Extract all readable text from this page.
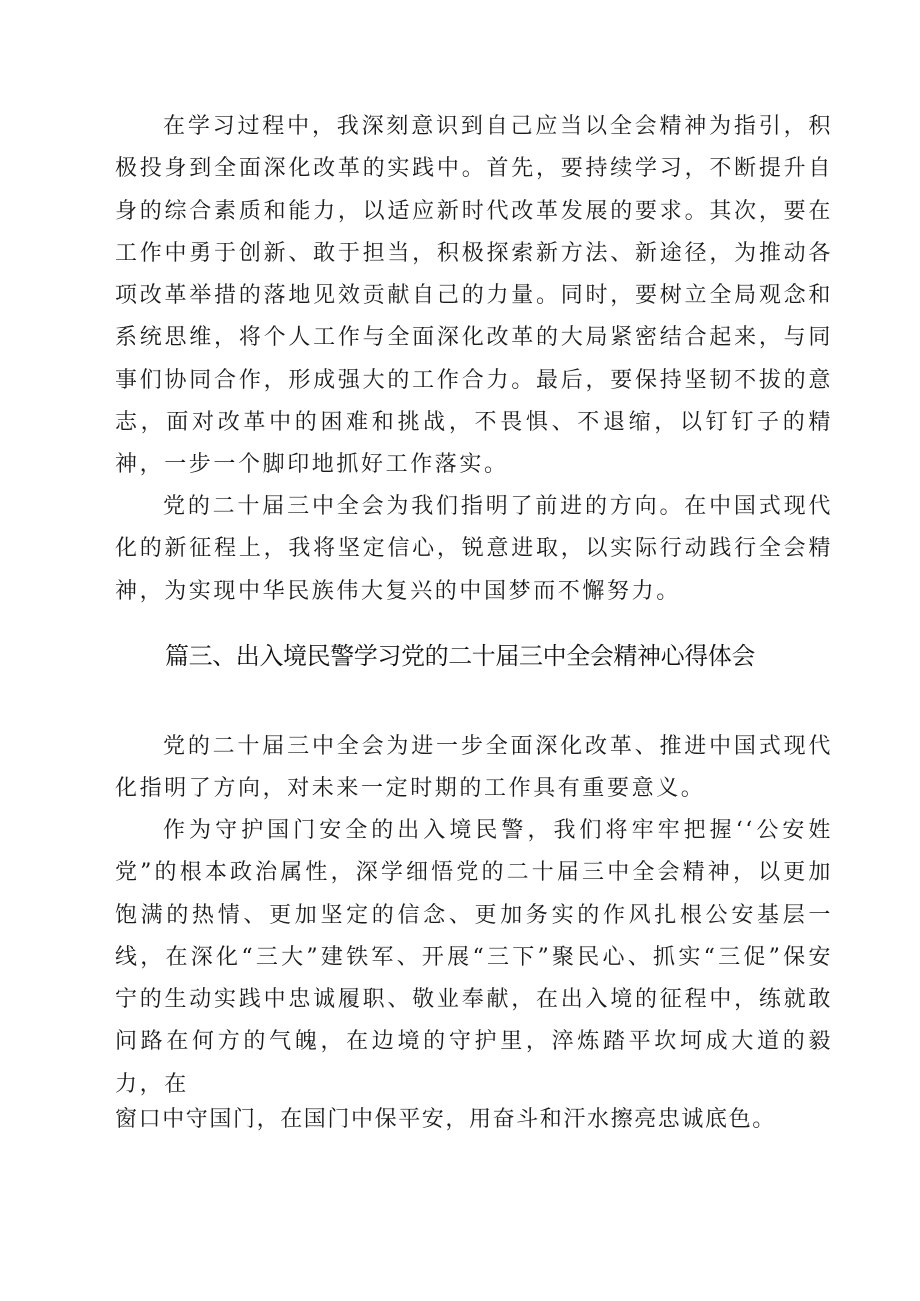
在学习过程中，我深刻意识到自己应当以全会精神为指引，积极投身到全面深化改革的实践中。首先，要持续学习，不断提升自身的综合素质和能力，以适应新时代改革发展的要求。其次，要在工作中勇于创新、敢于担当，积极探索新方法、新途径，为推动各项改革举措的落地见效贡献自己的力量。同时，要树立全局观念和系统思维，将个人工作与全面深化改革的大局紧密结合起来，与同事们协同合作，形成强大的工作合力。最后，要保持坚韧不拔的意志，面对改革中的困难和挑战，不畏惧、不退缩，以钉钉子的精神，一步一个脚印地抓好工作落实。

党的二十届三中全会为我们指明了前进的方向。在中国式现代化的新征程上，我将坚定信心，锐意进取，以实际行动践行全会精神，为实现中华民族伟大复兴的中国梦而不懈努力。

篇三、出入境民警学习党的二十届三中全会精神心得体会

党的二十届三中全会为进一步全面深化改革、推进中国式现代化指明了方向，对未来一定时期的工作具有重要意义。

作为守护国门安全的出入境民警，我们将牢牢把握‘‘公安姓党”的根本政治属性，深学细悟党的二十届三中全会精神，以更加饱满的热情、更加坚定的信念、更加务实的作风扎根公安基层一线，在深化“三大”建铁军、开展“三下”聚民心、抓实“三促”保安宁的生动实践中忠诚履职、敬业奉献，在出入境的征程中，练就敢问路在何方的气魄，在边境的守护里，淬炼踏平坎坷成大道的毅力，在

窗口中守国门，在国门中保平安，用奋斗和汗水擦亮忠诚底色。
